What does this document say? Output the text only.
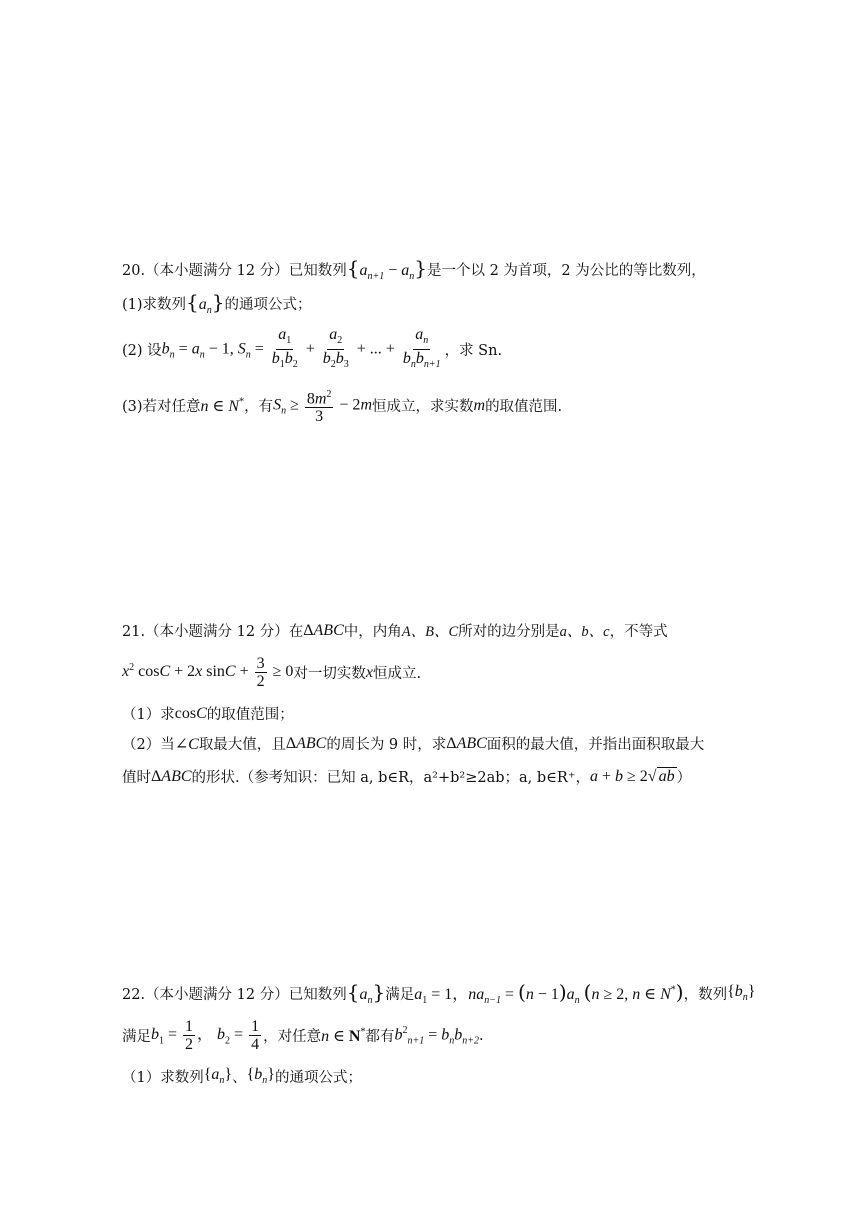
20.（本小题满分 12 分）已知数列 $\{a_{n+1} - a_n\}$ 是一个以 2 为首项，2 为公比的等比数列，
(1)求数列 $\{a_n\}$ 的通项公式；
(2) 设 $b_n = a_n - 1$, $S_n = \frac{a_1}{b_1b_2} + \frac{a_2}{b_2b_3}$ + ... + $\frac{a_n}{b_nb_{n+1}}$ ，求 Sn.
(3)若对任意 n ∈ N* ，有 $S_n \ge \frac{8m^2}{3} - 2m$ 恒成立，求实数 m 的取值范围.
21.（本小题满分 12 分）在 ΔABC 中，内角 A、B、C 所对的边分别是 a、b、c ，不等式
$x^2$ cosC + 2x $\sin C + \frac{3}{2} \ge 0$ 对一切实数 x 恒成立.
（1）求 cosC 的取值范围；
（2）当 ∠C 取最大值，且 ΔABC 的周长为 9 时，求 ΔABC 面积的最大值，并指出面积取最大
值时 ΔABC 的形状.（参考知识：已知 a, b∈R，a²+b²≥2ab；a, b∈R⁺， a + b ≥ 2√ ab ）
22.（本小题满分 12 分）已知数列 $\{a_n\}$ 满足 $a_1 = 1$，$na_{n-1} = (n - 1)a_n$ (n ≥ 2, n ∈ N*) ，数列 $\{b_n\}$
满足 $b_1 = \frac{1}{2}$ ， $b_2 = \frac{1}{4}$ ，对任意 n ∈ N* 都有 $b^2_{n+1} = b_nb_{n+2}$ .
（1）求数列 $\{a_n\}$ 、 $\{b_n\}$ 的通项公式；
